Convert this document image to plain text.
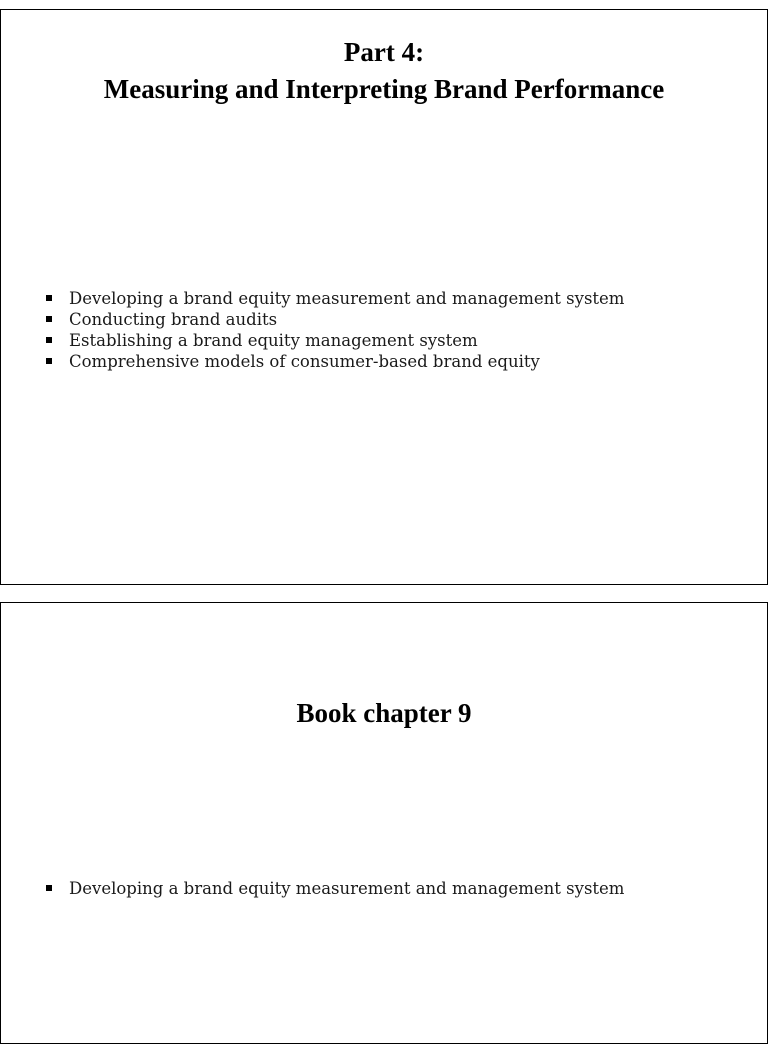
Part 4:
Measuring and Interpreting Brand Performance
Developing a brand equity measurement and management system
Conducting brand audits
Establishing a brand equity management system
Comprehensive models of consumer-based brand equity
Book chapter 9
Developing a brand equity measurement and management system
